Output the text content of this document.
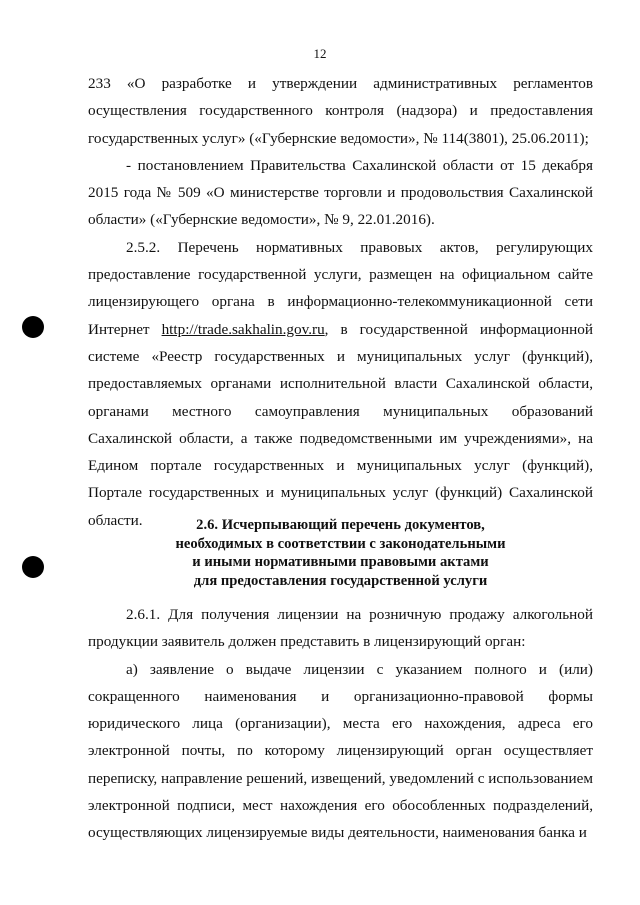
12

233 «О разработке и утверждении административных регламентов осуществления государственного контроля (надзора) и предоставления государственных услуг» («Губернские ведомости», № 114(3801), 25.06.2011);

- постановлением Правительства Сахалинской области от 15 декабря 2015 года № 509 «О министерстве торговли и продовольствия Сахалинской области» («Губернские ведомости», № 9, 22.01.2016).

2.5.2. Перечень нормативных правовых актов, регулирующих предоставление государственной услуги, размещен на официальном сайте лицензирующего органа в информационно-телекоммуникационной сети Интернет http://trade.sakhalin.gov.ru, в государственной информационной системе «Реестр государственных и муниципальных услуг (функций), предоставляемых органами исполнительной власти Сахалинской области, органами местного самоуправления муниципальных образований Сахалинской области, а также подведомственными им учреждениями», на Едином портале государственных и муниципальных услуг (функций), Портале государственных и муниципальных услуг (функций) Сахалинской области.	2.6. Исчерпывающий перечень документов,
необходимых в соответствии с законодательными
и иными нормативными правовыми актами
для предоставления государственной услуги

2.6.1. Для получения лицензии на розничную продажу алкогольной продукции заявитель должен представить в лицензирующий орган:

а) заявление о выдаче лицензии с указанием полного и (или) сокращенного наименования и организационно-правовой формы юридического лица (организации), места его нахождения, адреса его электронной почты, по которому лицензирующий орган осуществляет переписку, направление решений, извещений, уведомлений с использованием электронной подписи, мест нахождения его обособленных подразделений, осуществляющих лицензируемые виды деятельности, наименования банка и
